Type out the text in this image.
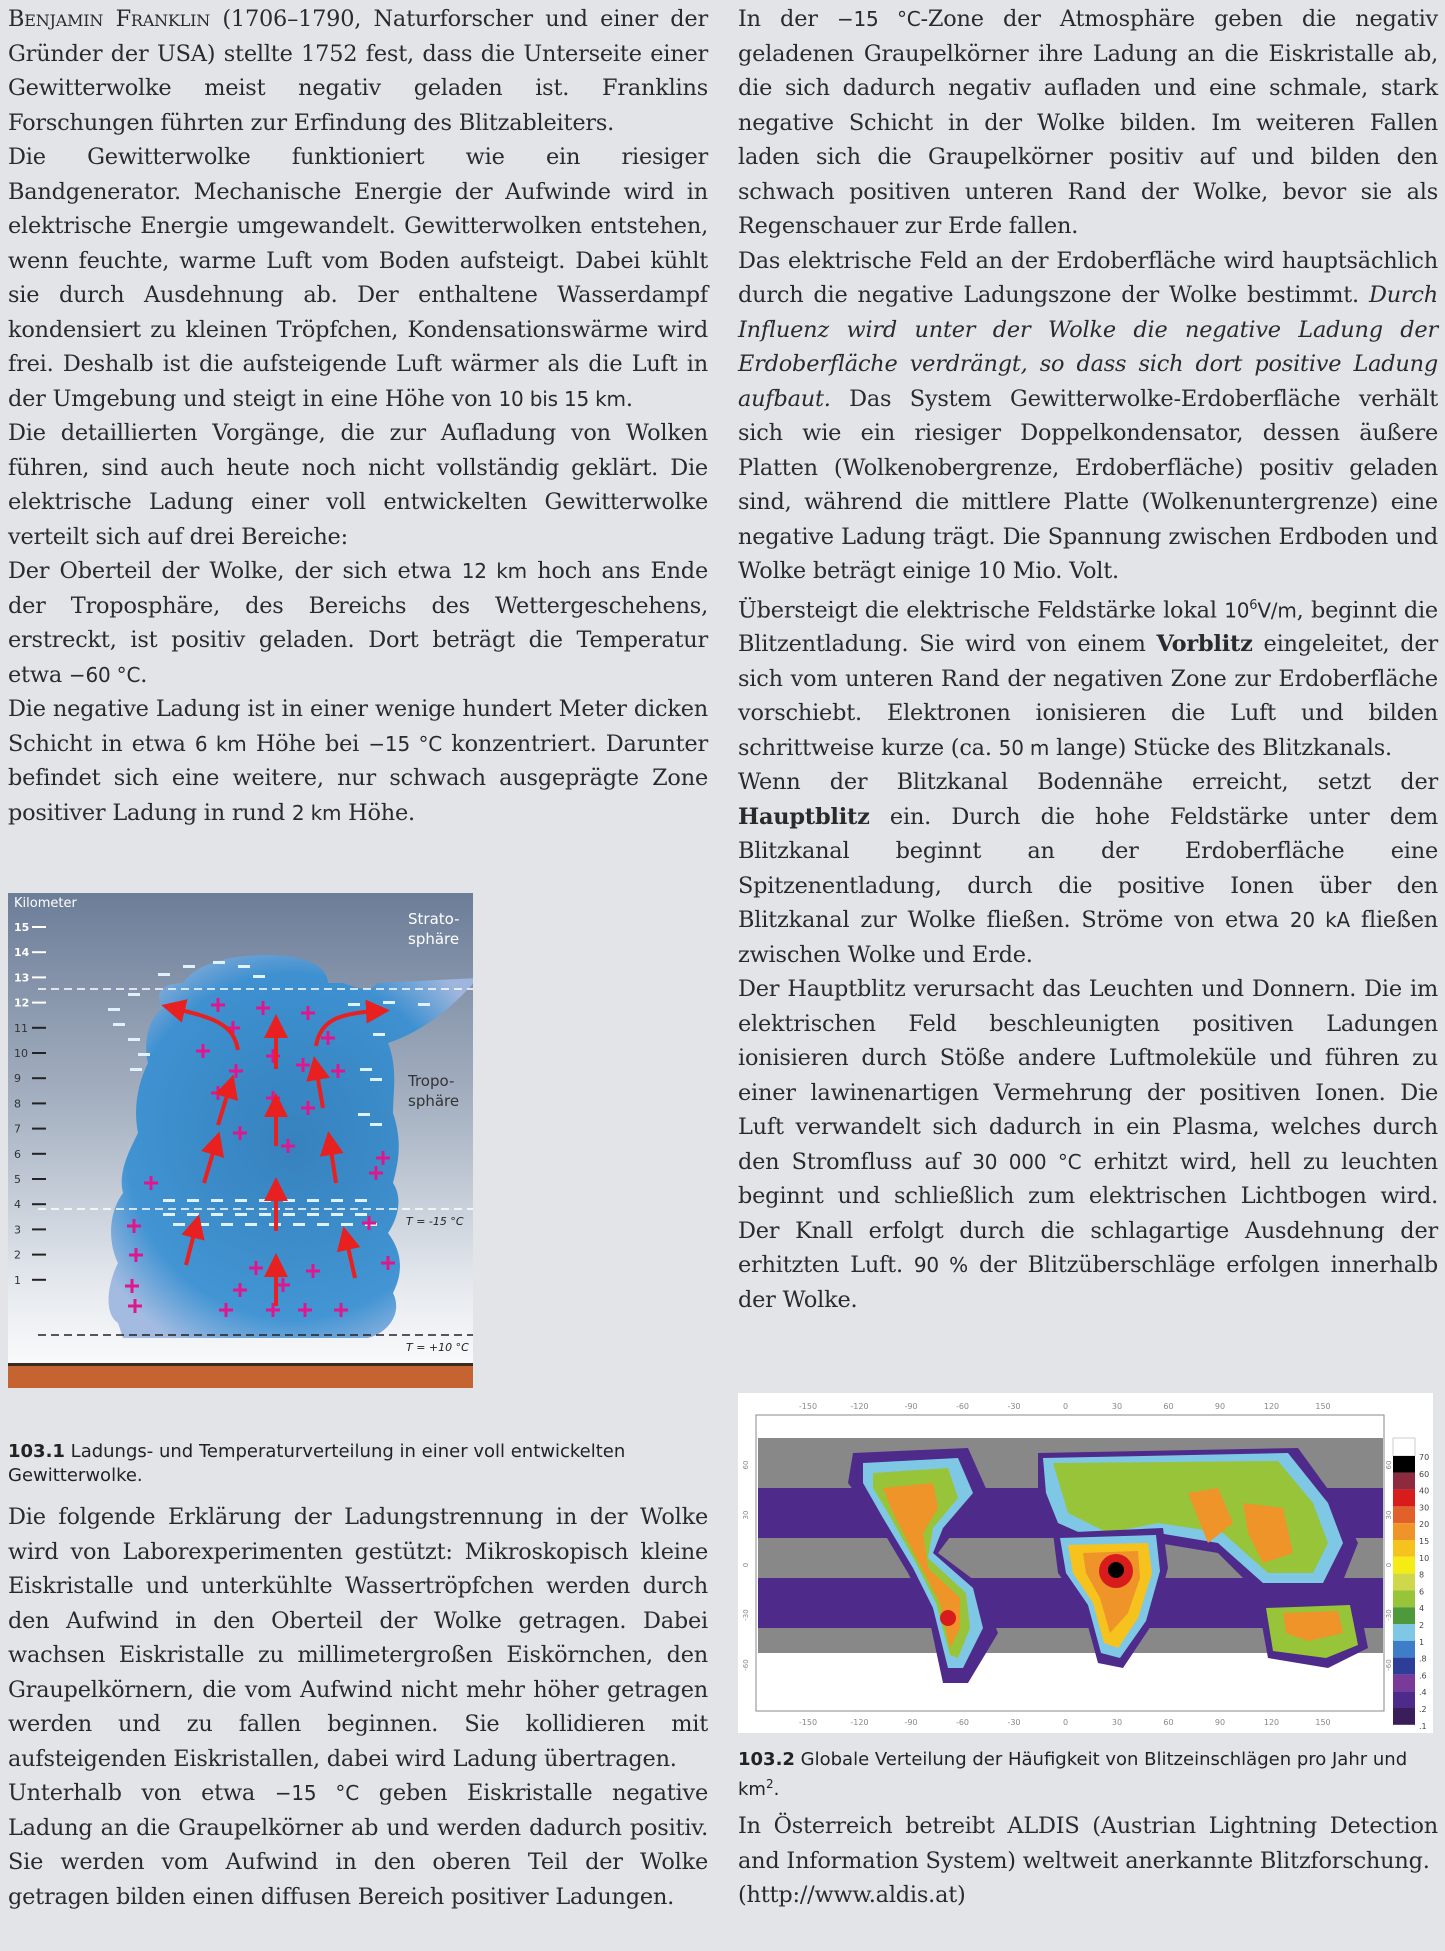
Benjamin Franklin (1706–1790, Naturforscher und einer der Gründer der USA) stellte 1752 fest, dass die Unterseite einer Gewitterwolke meist negativ geladen ist. Franklins Forschungen führten zur Erfindung des Blitzableiters.

Die Gewitterwolke funktioniert wie ein riesiger Bandgenerator. Mechanische Energie der Aufwinde wird in elektrische Energie umgewandelt. Gewitterwolken entstehen, wenn feuchte, warme Luft vom Boden aufsteigt. Dabei kühlt sie durch Ausdehnung ab. Der enthaltene Wasserdampf kondensiert zu kleinen Tröpfchen, Kondensationswärme wird frei. Deshalb ist die aufsteigende Luft wärmer als die Luft in der Umgebung und steigt in eine Höhe von 10 bis 15 km.

Die detaillierten Vorgänge, die zur Aufladung von Wolken führen, sind auch heute noch nicht vollständig geklärt. Die elektrische Ladung einer voll entwickelten Gewitterwolke verteilt sich auf drei Bereiche:

Der Oberteil der Wolke, der sich etwa 12 km hoch ans Ende der Troposphäre, des Bereichs des Wettergeschehens, erstreckt, ist positiv geladen. Dort beträgt die Temperatur etwa −60 °C.

Die negative Ladung ist in einer wenige hundert Meter dicken Schicht in etwa 6 km Höhe bei −15 °C konzentriert. Darunter befindet sich eine weitere, nur schwach ausgeprägte Zone positiver Ladung in rund 2 km Höhe.

Kilometer
15
14
13
12
11
10
9
8
7
6
5
4
3
2
1
Strato-
sphäre
Tropo-
sphäre
T = -15 °C
T = +10 °C
103.1 Ladungs- und Temperaturverteilung in einer voll entwickelten Gewitterwolke.

Die folgende Erklärung der Ladungstrennung in der Wolke wird von Laborexperimenten gestützt: Mikroskopisch kleine Eiskristalle und unterkühlte Wassertröpfchen werden durch den Aufwind in den Oberteil der Wolke getragen. Dabei wachsen Eiskristalle zu millimetergroßen Eiskörnchen, den Graupelkörnern, die vom Aufwind nicht mehr höher getragen werden und zu fallen beginnen. Sie kollidieren mit aufsteigenden Eiskristallen, dabei wird Ladung übertragen.

Unterhalb von etwa −15 °C geben Eiskristalle negative Ladung an die Graupelkörner ab und werden dadurch positiv. Sie werden vom Aufwind in den oberen Teil der Wolke getragen bilden einen diffusen Bereich positiver Ladungen.

In der −15 °C-Zone der Atmosphäre geben die negativ geladenen Graupelkörner ihre Ladung an die Eiskristalle ab, die sich dadurch negativ aufladen und eine schmale, stark negative Schicht in der Wolke bilden. Im weiteren Fallen laden sich die Graupelkörner positiv auf und bilden den schwach positiven unteren Rand der Wolke, bevor sie als Regenschauer zur Erde fallen.

Das elektrische Feld an der Erdoberfläche wird hauptsächlich durch die negative Ladungszone der Wolke bestimmt. Durch Influenz wird unter der Wolke die negative Ladung der Erdoberfläche verdrängt, so dass sich dort positive Ladung aufbaut. Das System Gewitterwolke-Erdoberfläche verhält sich wie ein riesiger Doppelkondensator, dessen äußere Platten (Wolkenobergrenze, Erdoberfläche) positiv geladen sind, während die mittlere Platte (Wolkenuntergrenze) eine negative Ladung trägt. Die Spannung zwischen Erdboden und Wolke beträgt einige 10 Mio. Volt.

Übersteigt die elektrische Feldstärke lokal $10^6V/m$, beginnt die Blitzentladung. Sie wird von einem Vorblitz eingeleitet, der sich vom unteren Rand der negativen Zone zur Erdoberfläche vorschiebt. Elektronen ionisieren die Luft und bilden schrittweise kurze (ca. 50 m lange) Stücke des Blitzkanals.

Wenn der Blitzkanal Bodennähe erreicht, setzt der Hauptblitz ein. Durch die hohe Feldstärke unter dem Blitzkanal beginnt an der Erdoberfläche eine Spitzenentladung, durch die positive Ionen über den Blitzkanal zur Wolke fließen. Ströme von etwa 20 kA fließen zwischen Wolke und Erde.

Der Hauptblitz verursacht das Leuchten und Donnern. Die im elektrischen Feld beschleunigten positiven Ladungen ionisieren durch Stöße andere Luftmoleküle und führen zu einer lawinenartigen Vermehrung der positiven Ionen. Die Luft verwandelt sich dadurch in ein Plasma, welches durch den Stromfluss auf 30 000 °C erhitzt wird, hell zu leuchten beginnt und schließlich zum elektrischen Lichtbogen wird. Der Knall erfolgt durch die schlagartige Ausdehnung der erhitzten Luft. 90 % der Blitzüberschläge erfolgen innerhalb der Wolke.

-150	-120	-90	-60	-30	0	30	60	90	120	150
-150	-120	-90	-60	-30	0	30	60	90	120	150
60	60
30	30
0	0
-30	-30
-60	-60
70
60
40
30
20
15
10
8
6
4
2
1
.8
.6
.4
.2
.1
103.2 Globale Verteilung der Häufigkeit von Blitzeinschlägen pro Jahr und $km^2$.

In Österreich betreibt ALDIS (Austrian Lightning Detection and Information System) weltweit anerkannte Blitzforschung.

(http://www.aldis.at)
